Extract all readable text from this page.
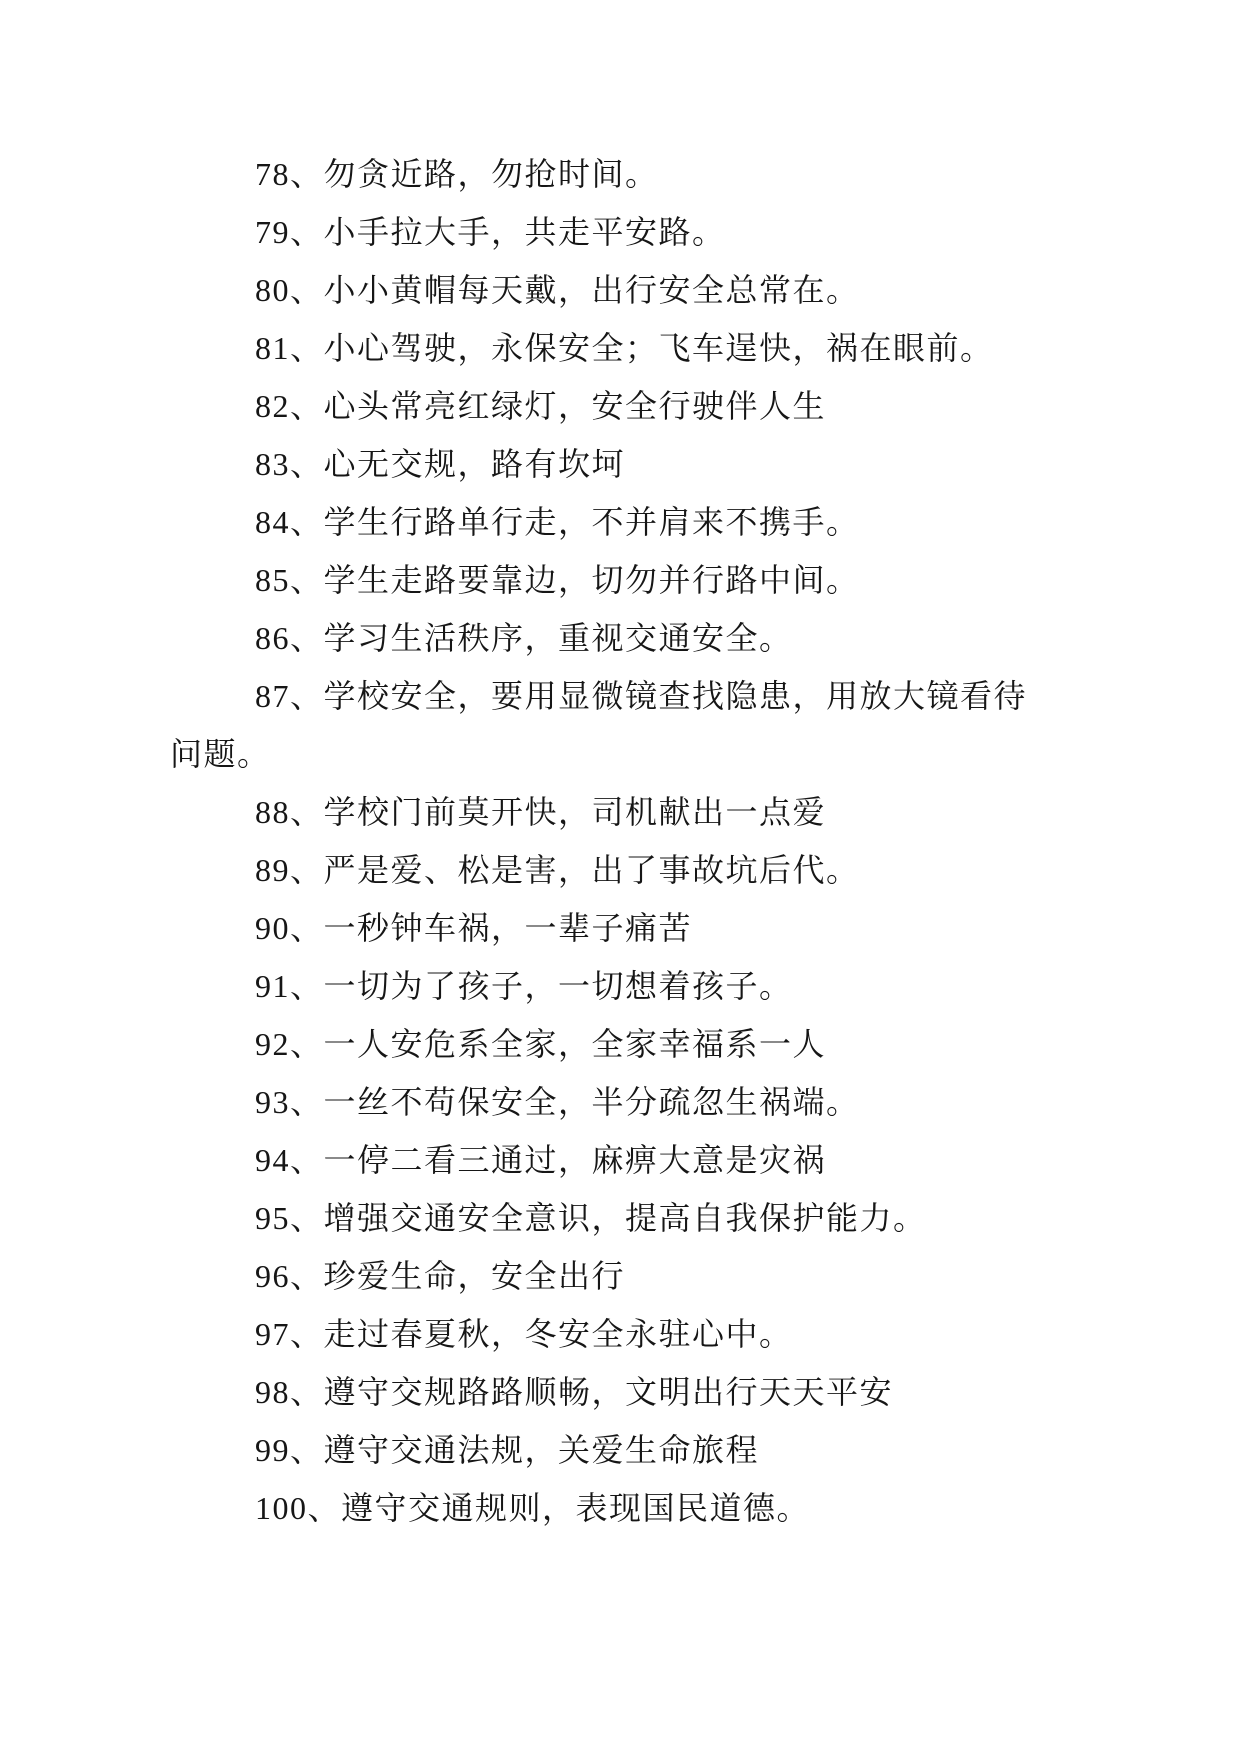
78、勿贪近路，勿抢时间。

79、小手拉大手，共走平安路。

80、小小黄帽每天戴，出行安全总常在。

81、小心驾驶，永保安全；飞车逞快，祸在眼前。

82、心头常亮红绿灯，安全行驶伴人生

83、心无交规，路有坎坷

84、学生行路单行走，不并肩来不携手。

85、学生走路要靠边，切勿并行路中间。

86、学习生活秩序，重视交通安全。

87、学校安全，要用显微镜查找隐患，用放大镜看待问题。

88、学校门前莫开快，司机献出一点爱

89、严是爱、松是害，出了事故坑后代。

90、一秒钟车祸，一辈子痛苦

91、一切为了孩子，一切想着孩子。

92、一人安危系全家，全家幸福系一人

93、一丝不苟保安全，半分疏忽生祸端。

94、一停二看三通过，麻痹大意是灾祸

95、增强交通安全意识，提高自我保护能力。

96、珍爱生命，安全出行

97、走过春夏秋，冬安全永驻心中。

98、遵守交规路路顺畅，文明出行天天平安

99、遵守交通法规，关爱生命旅程

100、遵守交通规则，表现国民道德。
